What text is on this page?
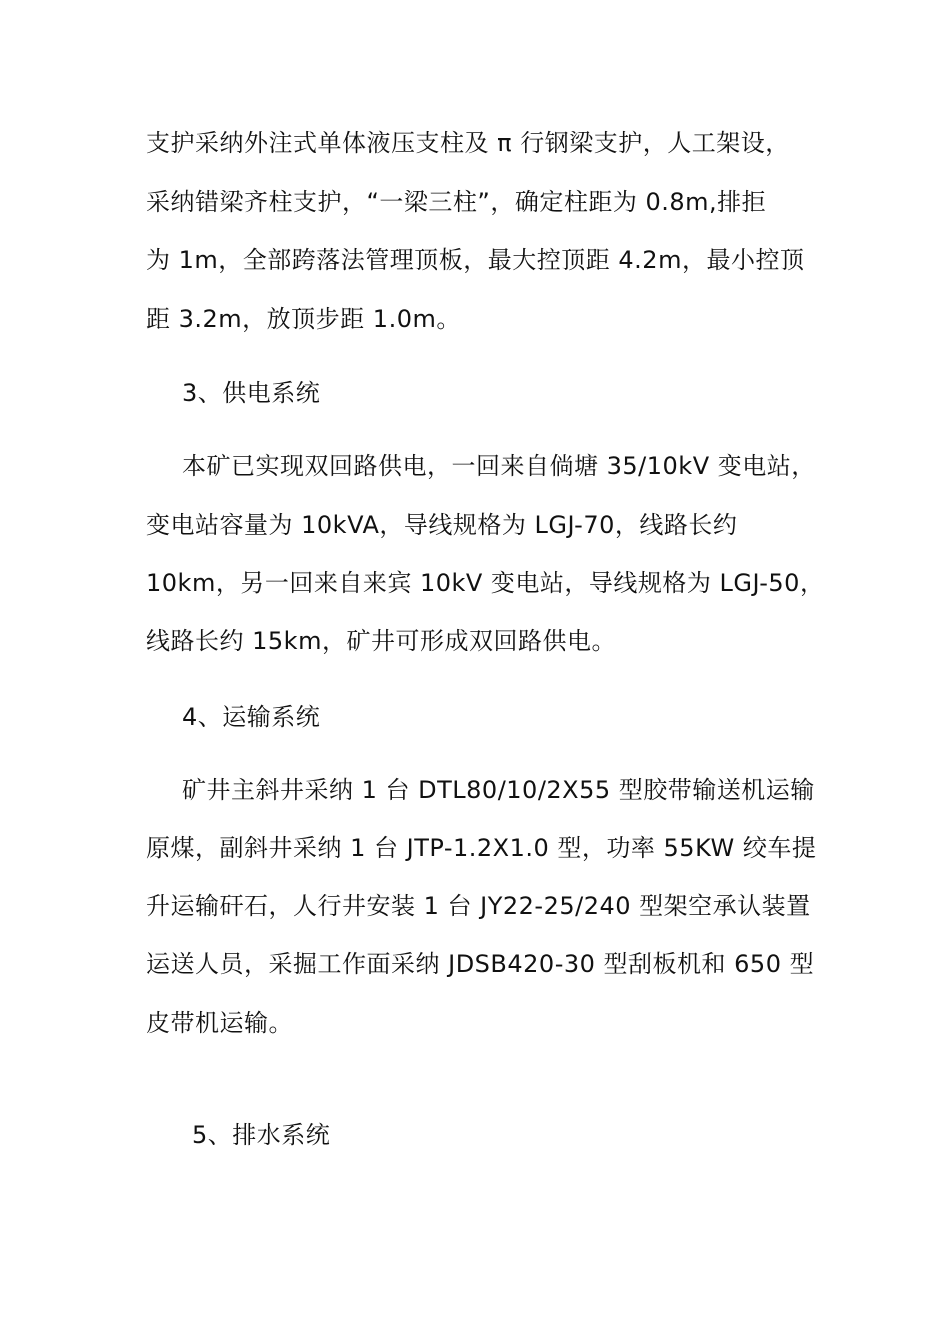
支护采纳外注式单体液压支柱及 π 行钢梁支护，人工架设，
采纳错梁齐柱支护，“一梁三柱”，确定柱距为 0.8m,排拒
为 1m，全部跨落法管理顶板，最大控顶距 4.2m，最小控顶
距 3.2m，放顶步距 1.0m。
3、供电系统
本矿已实现双回路供电，一回来自倘塘 35/10kV 变电站，
变电站容量为 10kVA，导线规格为 LGJ-70，线路长约
10km，另一回来自来宾 10kV 变电站，导线规格为 LGJ-50，
线路长约 15km，矿井可形成双回路供电。
4、运输系统
矿井主斜井采纳 1 台 DTL80/10/2X55 型胶带输送机运输
原煤，副斜井采纳 1 台 JTP-1.2X1.0 型，功率 55KW 绞车提
升运输矸石，人行井安装 1 台 JY22-25/240 型架空承认装置
运送人员，采掘工作面采纳 JDSB420-30 型刮板机和 650 型
皮带机运输。
5、排水系统
